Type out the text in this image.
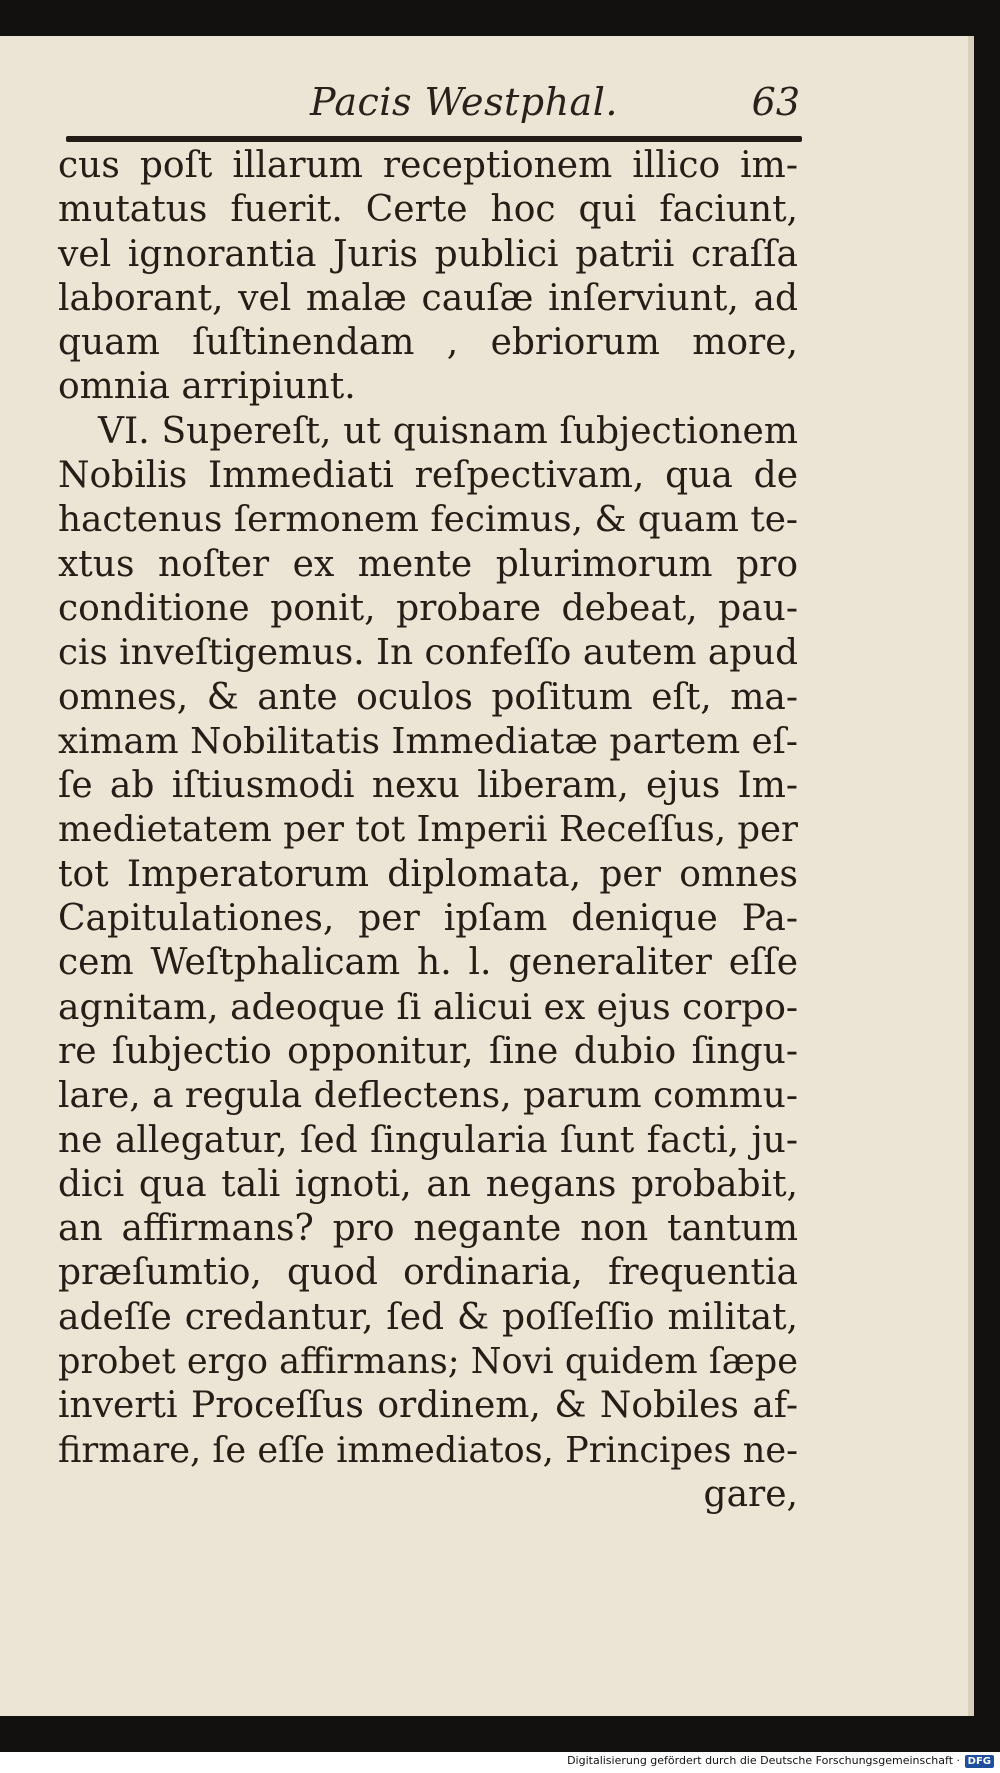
Pacis Westphal.	63
cus poſt illarum receptionem illico im-
mutatus fuerit. Certe hoc qui faciunt,
vel ignorantia Juris publici patrii craſſa
laborant, vel malæ cauſæ inſerviunt, ad
quam ſuſtinendam , ebriorum more,
omnia arripiunt.
VI. Supereſt, ut quisnam ſubjectionem
Nobilis Immediati reſpectivam, qua de
hactenus ſermonem fecimus, & quam te-
xtus noſter ex mente plurimorum pro
conditione ponit, probare debeat, pau-
cis inveſtigemus. In confeſſo autem apud
omnes, & ante oculos poſitum eſt, ma-
ximam Nobilitatis Immediatæ partem eſ-
ſe ab iſtiusmodi nexu liberam, ejus Im-
medietatem per tot Imperii Receſſus, per
tot Imperatorum diplomata, per omnes
Capitulationes, per ipſam denique Pa-
cem Weſtphalicam h. l. generaliter eſſe
agnitam, adeoque ſi alicui ex ejus corpo-
re ſubjectio opponitur, ſine dubio ſingu-
lare, a regula deflectens, parum commu-
ne allegatur, ſed ſingularia ſunt facti, ju-
dici qua tali ignoti, an negans probabit,
an affirmans? pro negante non tantum
præſumtio, quod ordinaria, frequentia
adeſſe credantur, ſed & poſſeſſio militat,
probet ergo affirmans; Novi quidem ſæpe
inverti Proceſſus ordinem, & Nobiles af-
firmare, ſe eſſe immediatos, Principes ne-
gare,
Digitalisierung gefördert durch die Deutsche Forschungsgemeinschaft · DFG
